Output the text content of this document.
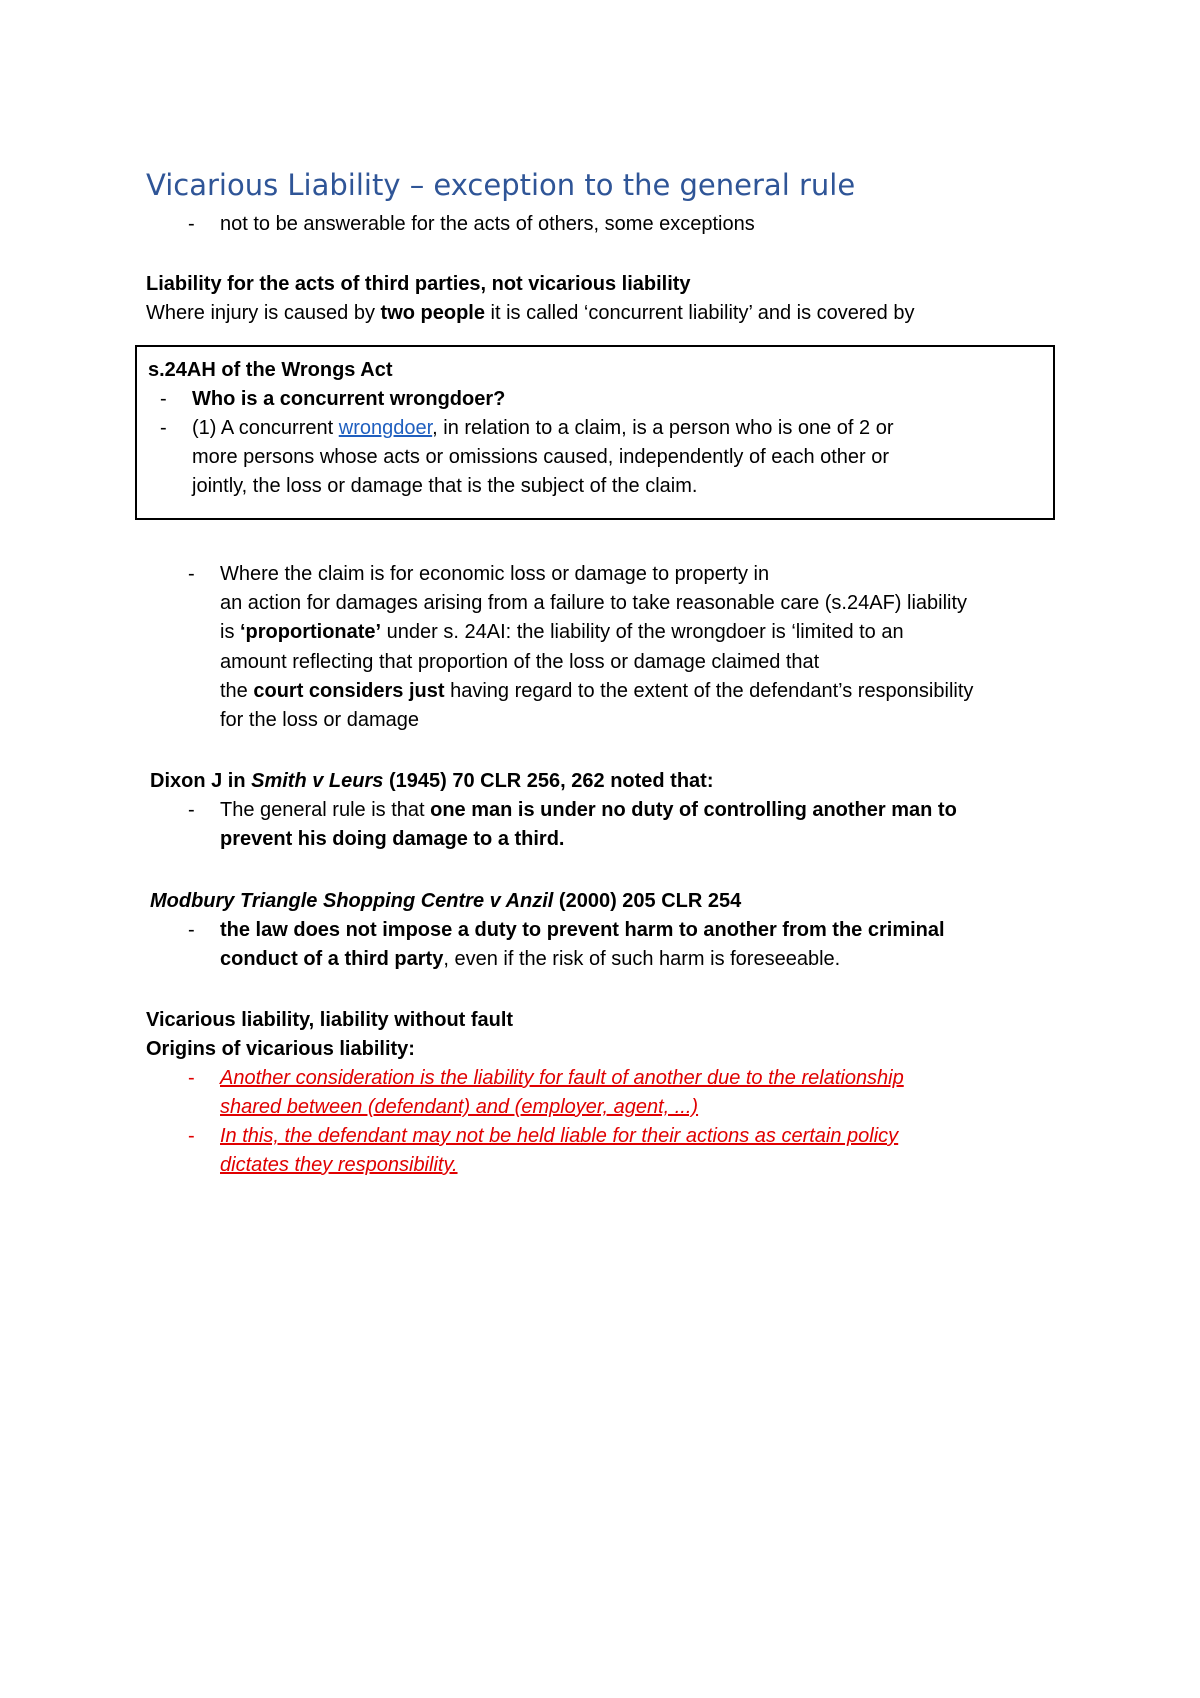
Vicarious Liability – exception to the general rule
- not to be answerable for the acts of others, some exceptions
Liability for the acts of third parties, not vicarious liability
Where injury is caused by two people it is called ‘concurrent liability’ and is covered by
s.24AH of the Wrongs Act
- Who is a concurrent wrongdoer?
- (1) A concurrent wrongdoer, in relation to a claim, is a person who is one of 2 or
more persons whose acts or omissions caused, independently of each other or
jointly, the loss or damage that is the subject of the claim.
- Where the claim is for economic loss or damage to property in
an action for damages arising from a failure to take reasonable care (s.24AF) liability
is ‘proportionate’ under s. 24AI: the liability of the wrongdoer is ‘limited to an
amount reflecting that proportion of the loss or damage claimed that
the court considers just having regard to the extent of the defendant’s responsibility
for the loss or damage
Dixon J in Smith v Leurs (1945) 70 CLR 256, 262 noted that:
- The general rule is that one man is under no duty of controlling another man to
prevent his doing damage to a third.
Modbury Triangle Shopping Centre v Anzil (2000) 205 CLR 254
- the law does not impose a duty to prevent harm to another from the criminal
conduct of a third party, even if the risk of such harm is foreseeable.
Vicarious liability, liability without fault
Origins of vicarious liability:
- Another consideration is the liability for fault of another due to the relationship
shared between (defendant) and (employer, agent, ...)
- In this, the defendant may not be held liable for their actions as certain policy
dictates they responsibility.
